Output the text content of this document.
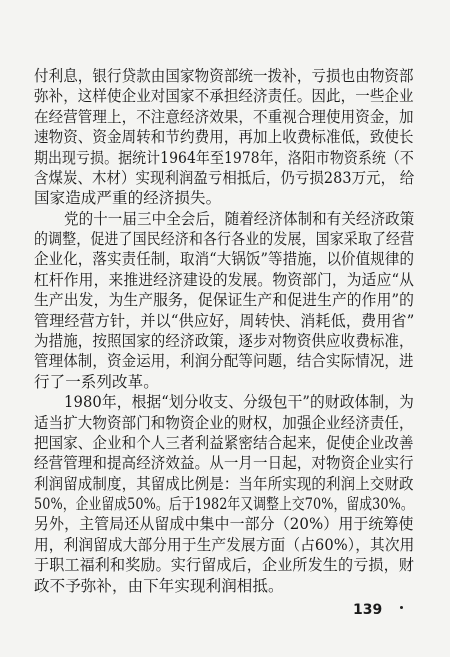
付利息，银行贷款由国家物资部统一拨补，亏损也由物资部
弥补，这样使企业对国家不承担经济责任。因此，一些企业
在经营管理上，不注意经济效果，不重视合理使用资金，加
速物资、资金周转和节约费用，再加上收费标准低，致使长
期出现亏损。据统计1964年至1978年，洛阳市物资系统（不
含煤炭、木材）实现利润盈亏相抵后，仍亏损283万元， 给
国家造成严重的经济损失。
党的十一届三中全会后，随着经济体制和有关经济政策
的调整，促进了国民经济和各行各业的发展，国家采取了经营
企业化，落实责任制，取消“大锅饭”等措施，以价值规律的
杠杆作用，来推进经济建设的发展。物资部门，为适应“从
生产出发，为生产服务，促保证生产和促进生产的作用”的
管理经营方针，并以“供应好，周转快、消耗低，费用省”
为措施，按照国家的经济政策，逐步对物资供应收费标准，
管理体制，资金运用，利润分配等问题，结合实际情况，进
行了一系列改革。
1980年，根据“划分收支、分级包干”的财政体制，为
适当扩大物资部门和物资企业的财权，加强企业经济责任，
把国家、企业和个人三者利益紧密结合起来，促使企业改善
经营管理和提高经济效益。从一月一日起，对物资企业实行
利润留成制度，其留成比例是：当年所实现的利润上交财政
50%，企业留成50%。后于1982年又调整上交70%，留成30%。
另外，主管局还从留成中集中一部分（20%）用于统筹使
用，利润留成大部分用于生产发展方面（占60%），其次用
于职工福利和奖励。实行留成后，企业所发生的亏损，财
政不予弥补，由下年实现利润相抵。
139
